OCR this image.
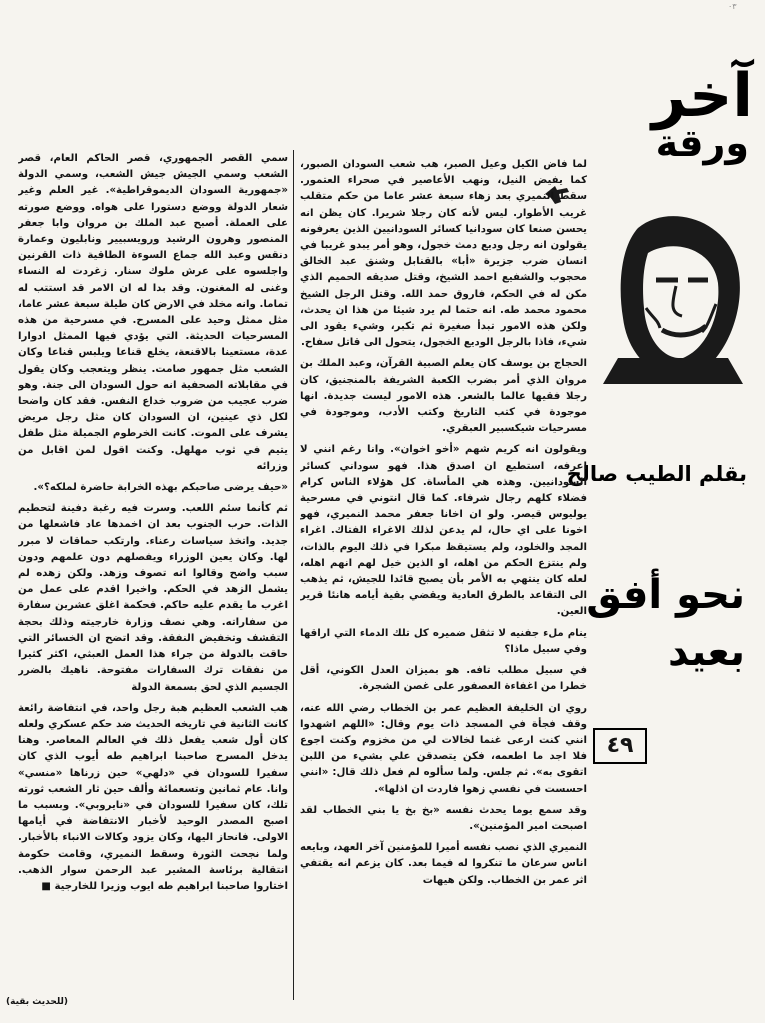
٠٣
آخر
ورقة
بقلم الطيب صالح
نحو أفق
بعيد
٤٩

لما فاض الكيل وعيل الصبر، هب شعب السودان الصبور، كما يفيض النيل، ونهب الأعاصير في صحراء العتمور. سقط النميري بعد زهاء سبعة عشر عاما من حكم متقلب غريب الأطوار. ليس لأنه كان رجلا شريرا. كان يظن انه يحسن صنعا كان سودانيا كسائر السودانيين الذين يعرفونه يقولون انه رجل وديع دمث خجول، وهو أمر يبدو غريبا في انسان ضرب جزيرة «أبا» بالقنابل وشنق عبد الخالق محجوب والشفيع احمد الشيخ، وقتل صديقه الحميم الذي مكن له في الحكم، فاروق حمد الله. وقتل الرجل الشيخ محمود محمد طه. انه حتما لم يرد شيئا من هذا ان يحدث، ولكن هذه الامور تبدأ صغيرة ثم تكبر، وشيء يقود الى شيء، فاذا بالرجل الوديع الخجول، يتحول الى قاتل سفاح.

الحجاج بن يوسف كان يعلم الصبية القرآن، وعبد الملك بن مروان الذي أمر بضرب الكعبة الشريفة بالمنجنيق، كان رجلا فقيها عالما بالشعر. هذه الامور ليست جديدة. انها موجودة في كتب التاريخ وكتب الأدب، وموجودة في مسرحيات شيكسبير العبقري.

ويقولون انه كريم شهم «أخو اخوان». وانا رغم انني لا اعرفه، استطيع ان اصدق هذا. فهو سوداني كسائر السودانيين. وهذه هي المأساة. كل هؤلاء الناس كرام فضلاء كلهم رجال شرفاء. كما قال انتوني في مسرحية يوليوس قيصر. ولو ان اخانا جعفر محمد النميري، فهو اخونا على اي حال، لم يدعن لذلك الاغراء الفتاك. اغراء المجد والخلود، ولم يستيقظ مبكرا في ذلك اليوم بالذات، ولم ينتزع الحكم من اهله، او الذين خيل لهم انهم اهله، لعله كان ينتهي به الأمر بأن يصبح قائدا للجيش، ثم يذهب الى التقاعد بالطرق العادية ويقضي بقية أيامه هانئا قرير العين.

ينام ملء جفنيه لا تثقل ضميره كل تلك الدماء التي اراقها وفي سبيل ماذا؟

في سبيل مطلب تافه. هو بميزان العدل الكوني، أقل خطرا من اغفاءة العصفور على غصن الشجرة.

روي ان الخليفة العظيم عمر بن الخطاب رضي الله عنه، وقف فجأة في المسجد ذات يوم وقال: «اللهم اشهدوا انني كنت ارعى غنما لخالات لي من مخزوم وكنت اجوع فلا اجد ما اطعمه، فكن يتصدقن علي بشيء من اللبن اتقوى به». ثم جلس. ولما سألوه لم فعل ذلك قال: «انني احسست في نفسي زهوا فاردت ان اذلها».

وقد سمع يوما يحدث نفسه «بخ بخ يا بني الخطاب لقد اصبحت امير المؤمنين».

النميري الذي نصب نفسه أميرا للمؤمنين آخر العهد، وبايعه اناس سرعان ما تنكروا له فيما بعد. كان يزعم انه يقتفي اثر عمر بن الخطاب. ولكن هيهات

سمي القصر الجمهوري، قصر الحاكم العام، قصر الشعب وسمي الجيش جيش الشعب، وسمي الدولة «جمهورية السودان الديموقراطية». غير العلم وغير شعار الدولة ووضع دستورا على هواه. ووضع صورته على العملة. أصبح عبد الملك بن مروان وابا جعفر المنصور وهرون الرشيد ورويسبيير ونابليون وعمارة دنقس وعبد الله جماع السوءة الطاقية ذات القرنين واجلسوه على عرش ملوك سنار. زغردت له النساء وغنى له المغنون. وقد بدا له ان الامر قد استتب له تماما. وانه مخلد في الارض كان طيلة سبعة عشر عاما، مثل ممثل وحيد على المسرح. في مسرحية من هذه المسرحيات الحديثة. التي يؤدي فيها الممثل ادوارا عدة، مستعينا بالاقنعة، يخلع قناعا ويلبس قناعا وكان الشعب مثل جمهور صامت. ينظر ويتعجب وكان يقول في مقابلاته الصحفية انه حول السودان الى جنة. وهو ضرب عجيب من ضروب خداع النفس. فقد كان واضحا لكل ذي عينين، ان السودان كان مثل رجل مريض يشرف على الموت. كانت الخرطوم الجميلة مثل طفل يتيم في ثوب مهلهل. وكنت اقول لمن اقابل من وزرائه

«حيف يرضى صاحبكم بهذه الخرابة حاضرة لملكه؟».

ثم كأنما سئم اللعب. وسرت فيه رغبة دفينة لتحطيم الذات. حرب الجنوب بعد ان اخمدها عاد فاشعلها من جديد. واتخذ سياسات رعناء. وارتكب حماقات لا مبرر لها. وكان يعين الوزراء ويفصلهم دون علمهم ودون سبب واضح وقالوا انه تصوف وزهد. ولكن زهده لم يشمل الزهد في الحكم. واخيرا اقدم على عمل من اغرب ما يقدم عليه حاكم. فحكمة اغلق عشرين سفارة من سفاراته. وهي نصف وزارة خارجيته وذلك بحجة التقشف وتخفيض النفقة. وقد اتضح ان الخسائر التي حاقت بالدولة من جراء هذا العمل العبثي، اكثر كثيرا من نفقات ترك السفارات مفتوحة. ناهيك بالضرر الجسيم الذي لحق بسمعة الدولة

هب الشعب العظيم هبة رجل واحد، في انتفاضة رائعة كانت الثانية في تاريخه الحديث ضد حكم عسكري ولعله كان أول شعب يفعل ذلك في العالم المعاصر. وهنا يدخل المسرح صاحبنا ابراهيم طه أيوب الذي كان سفيرا للسودان في «دلهي» حين زرناها «منسي» وانا. عام ثمانين وتسعمائة وألف حين ثار الشعب ثورته تلك، كان سفيرا للسودان في «نايروبي». وبسبب ما اصبح المصدر الوحيد لأخبار الانتفاضة في أيامها الاولى. فانحاز اليها، وكان يزود وكالات الانباء بالأخبار. ولما نجحت الثورة وسقط النميري، وقامت حكومة انتقالية برئاسة المشير عبد الرحمن سوار الذهب. اختاروا صاحبنا ابراهيم طه ايوب وزيرا للخارجية ■

(للحديث بقية)
